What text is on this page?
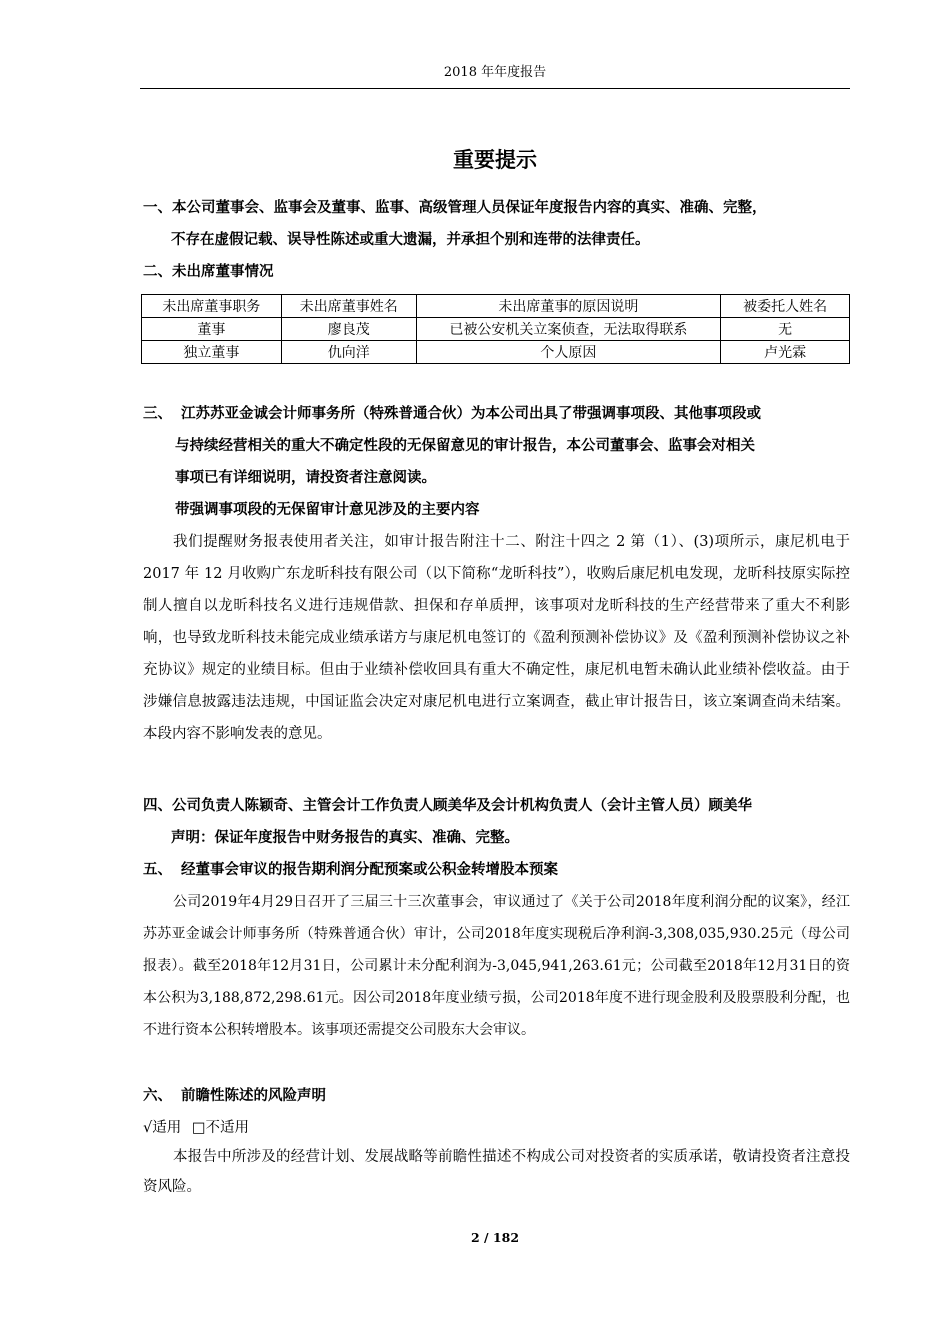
2018 年年度报告
重要提示
一、本公司董事会、监事会及董事、监事、高级管理人员保证年度报告内容的真实、准确、完整，
不存在虚假记载、误导性陈述或重大遗漏，并承担个别和连带的法律责任。
二、未出席董事情况
未出席董事职务	未出席董事姓名	未出席董事的原因说明	被委托人姓名
董事	廖良茂	已被公安机关立案侦查，无法取得联系	无
独立董事	仇向洋	个人原因	卢光霖
三、 江苏苏亚金诚会计师事务所（特殊普通合伙）为本公司出具了带强调事项段、其他事项段或
与持续经营相关的重大不确定性段的无保留意见的审计报告，本公司董事会、监事会对相关
事项已有详细说明，请投资者注意阅读。
带强调事项段的无保留审计意见涉及的主要内容
我们提醒财务报表使用者关注，如审计报告附注十二、附注十四之 2 第（1）、(3)项所示，康尼机电于 2017 年 12 月收购广东龙昕科技有限公司（以下简称“龙昕科技”），收购后康尼机电发现，龙昕科技原实际控制人擅自以龙昕科技名义进行违规借款、担保和存单质押，该事项对龙昕科技的生产经营带来了重大不利影响，也导致龙昕科技未能完成业绩承诺方与康尼机电签订的《盈利预测补偿协议》及《盈利预测补偿协议之补充协议》规定的业绩目标。但由于业绩补偿收回具有重大不确定性，康尼机电暂未确认此业绩补偿收益。由于涉嫌信息披露违法违规，中国证监会决定对康尼机电进行立案调查，截止审计报告日，该立案调查尚未结案。本段内容不影响发表的意见。
四、公司负责人陈颖奇、主管会计工作负责人顾美华及会计机构负责人（会计主管人员）顾美华
声明：保证年度报告中财务报告的真实、准确、完整。
五、 经董事会审议的报告期利润分配预案或公积金转增股本预案
公司2019年4月29日召开了三届三十三次董事会，审议通过了《关于公司2018年度利润分配的议案》，经江苏苏亚金诚会计师事务所（特殊普通合伙）审计，公司2018年度实现税后净利润-3,308,035,930.25元（母公司报表）。截至2018年12月31日，公司累计未分配利润为-3,045,941,263.61元；公司截至2018年12月31日的资本公积为3,188,872,298.61元。因公司2018年度业绩亏损，公司2018年度不进行现金股利及股票股利分配，也不进行资本公积转增股本。该事项还需提交公司股东大会审议。
六、 前瞻性陈述的风险声明
√适用 □不适用
本报告中所涉及的经营计划、发展战略等前瞻性描述不构成公司对投资者的实质承诺，敬请投资者注意投资风险。
2 / 182
